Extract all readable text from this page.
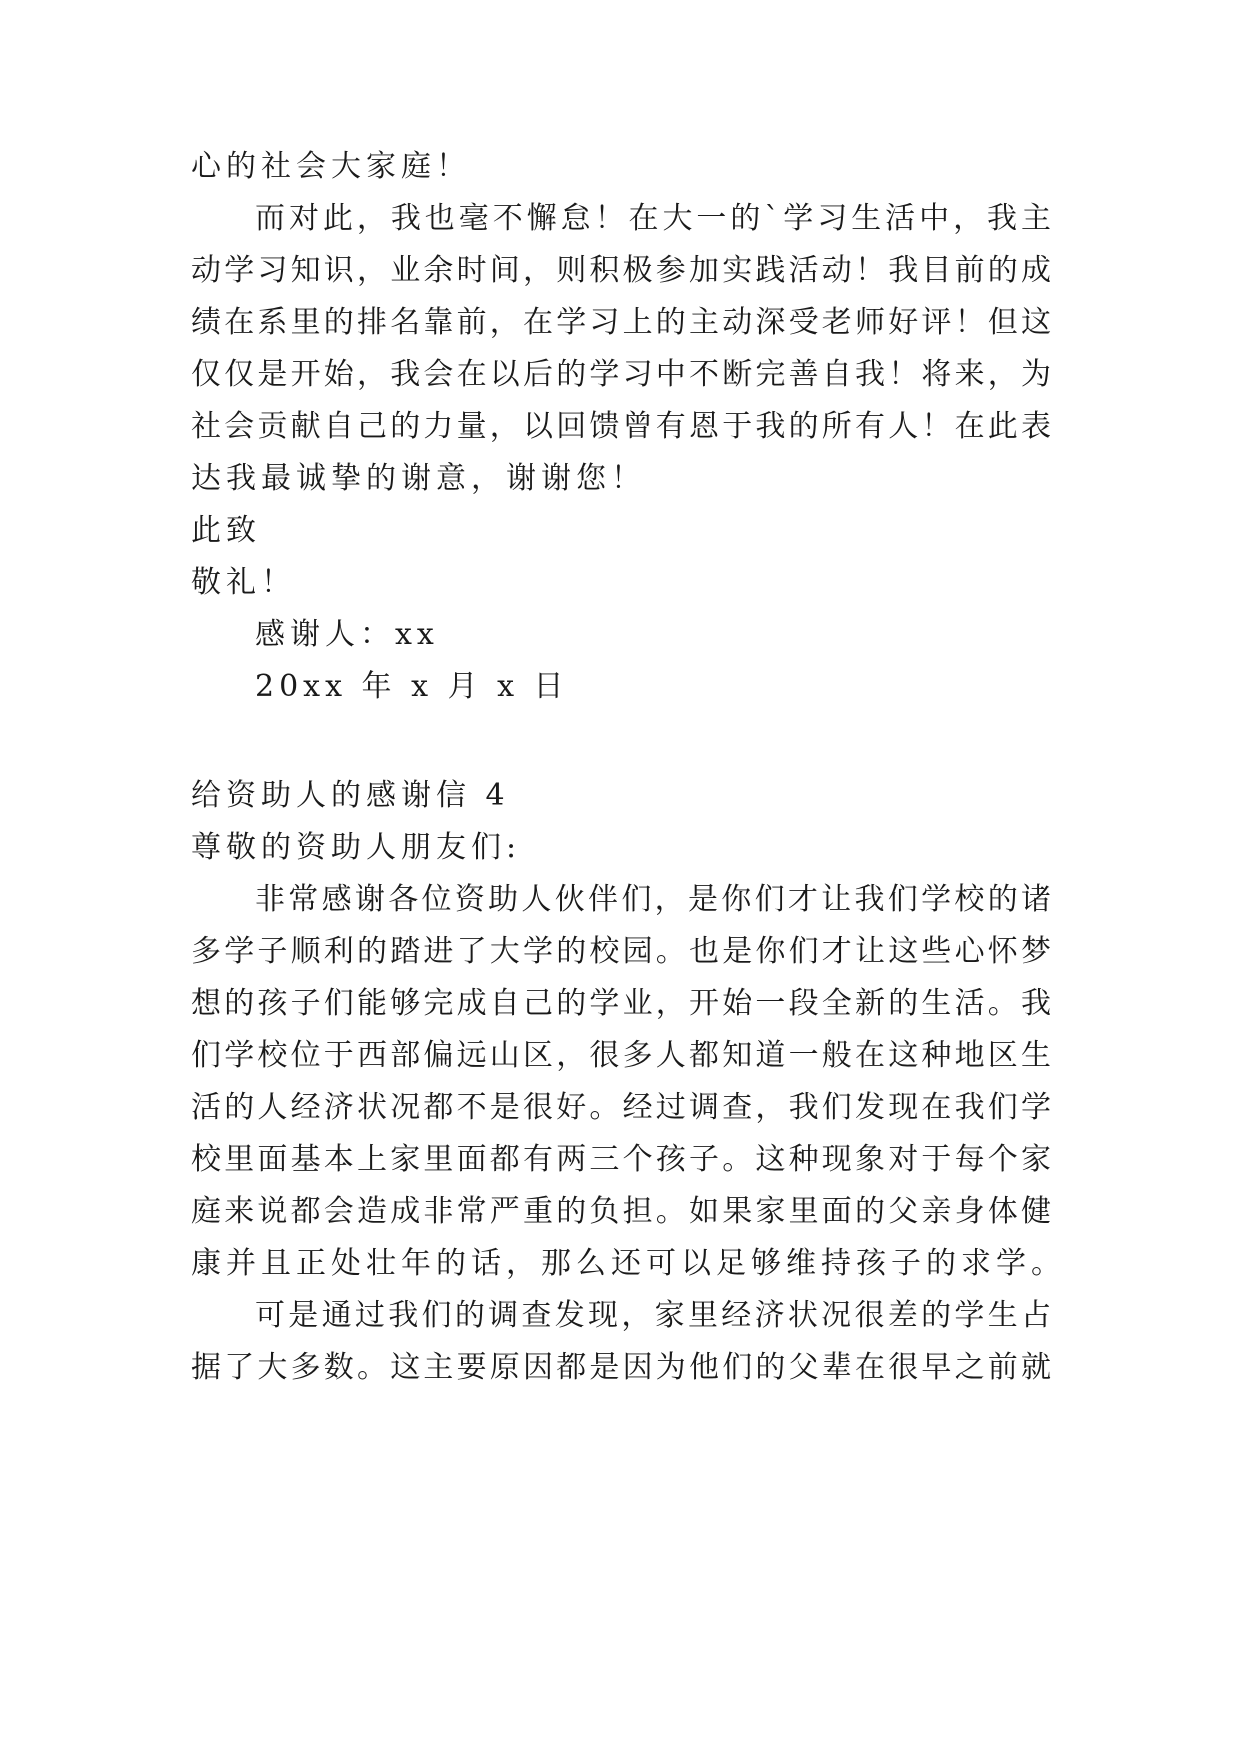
心的社会大家庭！
而对此，我也毫不懈怠！在大一的`学习生活中，我主
动学习知识，业余时间，则积极参加实践活动！我目前的成
绩在系里的排名靠前，在学习上的主动深受老师好评！但这
仅仅是开始，我会在以后的学习中不断完善自我！将来，为
社会贡献自己的力量，以回馈曾有恩于我的所有人！在此表
达我最诚挚的谢意，谢谢您！
此致
敬礼！
感谢人：xx
20xx 年 x 月 x 日
给资助人的感谢信 4
尊敬的资助人朋友们:
非常感谢各位资助人伙伴们，是你们才让我们学校的诸
多学子顺利的踏进了大学的校园。也是你们才让这些心怀梦
想的孩子们能够完成自己的学业，开始一段全新的生活。我
们学校位于西部偏远山区，很多人都知道一般在这种地区生
活的人经济状况都不是很好。经过调查，我们发现在我们学
校里面基本上家里面都有两三个孩子。这种现象对于每个家
庭来说都会造成非常严重的负担。如果家里面的父亲身体健
康并且正处壮年的话，那么还可以足够维持孩子的求学。
可是通过我们的调查发现，家里经济状况很差的学生占
据了大多数。这主要原因都是因为他们的父辈在很早之前就
